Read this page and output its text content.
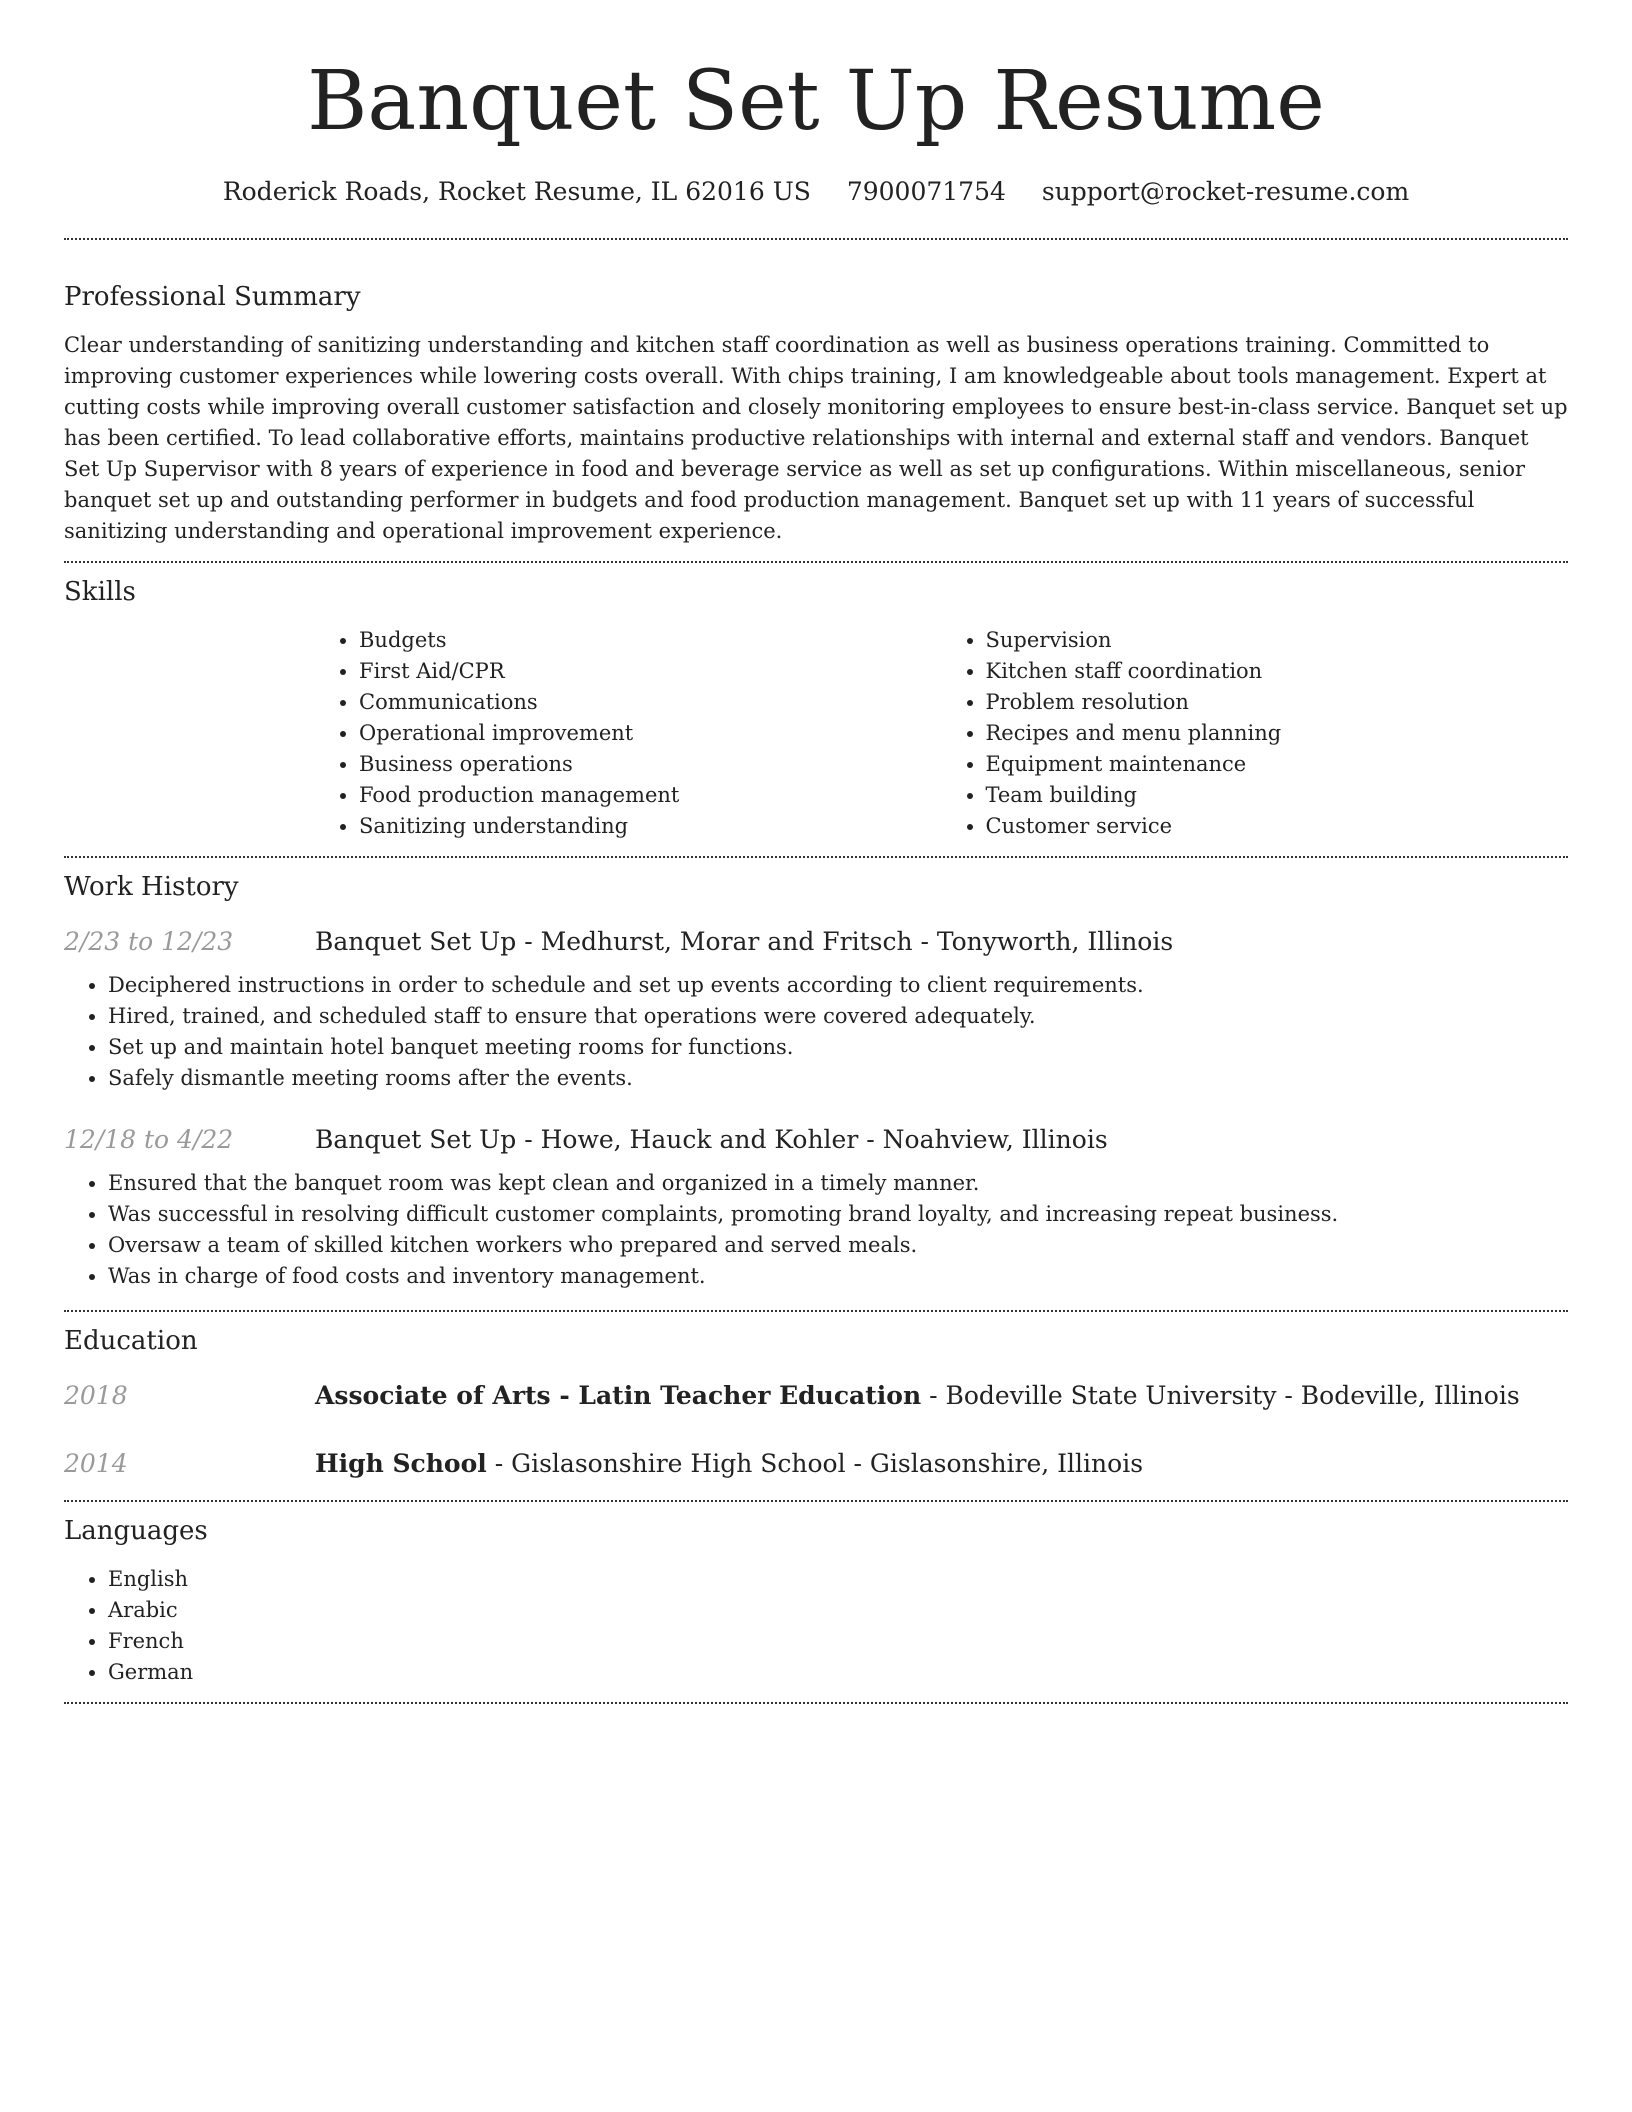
Banquet Set Up Resume
Roderick Roads, Rocket Resume, IL 62016 US 7900071754 support@rocket-resume.com
Professional Summary

Clear understanding of sanitizing understanding and kitchen staff coordination as well as business operations training. Committed to improving customer experiences while lowering costs overall. With chips training, I am knowledgeable about tools management. Expert at cutting costs while improving overall customer satisfaction and closely monitoring employees to ensure best-in-class service. Banquet set up has been certified. To lead collaborative efforts, maintains productive relationships with internal and external staff and vendors. Banquet Set Up Supervisor with 8 years of experience in food and beverage service as well as set up configurations. Within miscellaneous, senior banquet set up and outstanding performer in budgets and food production management. Banquet set up with 11 years of successful sanitizing understanding and operational improvement experience.

Skills
• Budgets
• First Aid/CPR
• Communications
• Operational improvement
• Business operations
• Food production management
• Sanitizing understanding
• Supervision
• Kitchen staff coordination
• Problem resolution
• Recipes and menu planning
• Equipment maintenance
• Team building
• Customer service
Work History
2/23 to 12/23	Banquet Set Up - Medhurst, Morar and Fritsch - Tonyworth, Illinois
• Deciphered instructions in order to schedule and set up events according to client requirements.
• Hired, trained, and scheduled staff to ensure that operations were covered adequately.
• Set up and maintain hotel banquet meeting rooms for functions.
• Safely dismantle meeting rooms after the events.
12/18 to 4/22	Banquet Set Up - Howe, Hauck and Kohler - Noahview, Illinois
• Ensured that the banquet room was kept clean and organized in a timely manner.
• Was successful in resolving difficult customer complaints, promoting brand loyalty, and increasing repeat business.
• Oversaw a team of skilled kitchen workers who prepared and served meals.
• Was in charge of food costs and inventory management.
Education
2018	Associate of Arts - Latin Teacher Education - Bodeville State University - Bodeville, Illinois
2014	High School - Gislasonshire High School - Gislasonshire, Illinois
Languages
• English
• Arabic
• French
• German
